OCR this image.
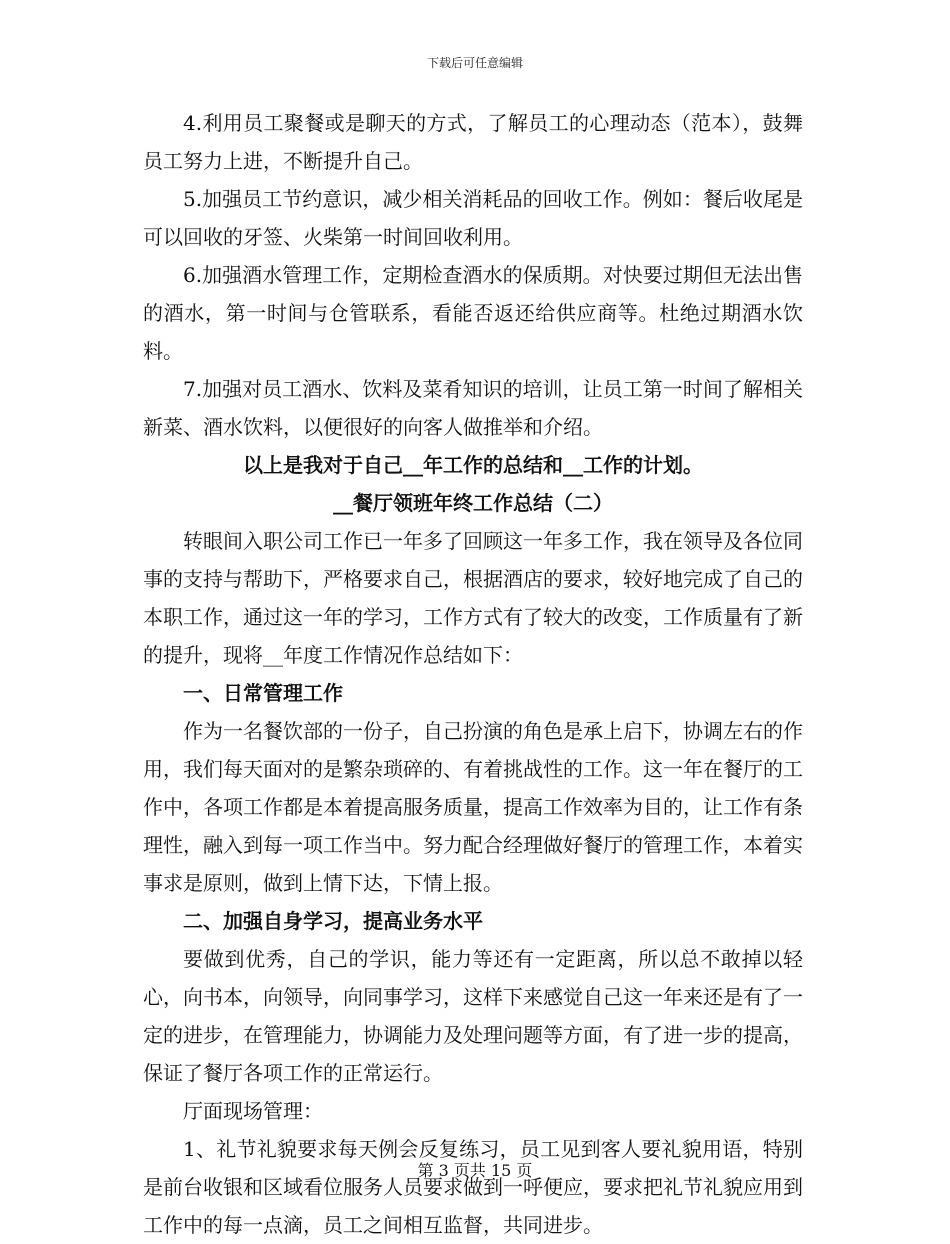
下载后可任意编辑

4.利用员工聚餐或是聊天的方式，了解员工的心理动态（范本），鼓舞员工努力上进，不断提升自己。

5.加强员工节约意识，减少相关消耗品的回收工作。例如：餐后收尾是可以回收的牙签、火柴第一时间回收利用。

6.加强酒水管理工作，定期检查酒水的保质期。对快要过期但无法出售的酒水，第一时间与仓管联系，看能否返还给供应商等。杜绝过期酒水饮料。

7.加强对员工酒水、饮料及菜肴知识的培训，让员工第一时间了解相关新菜、酒水饮料，以便很好的向客人做推举和介绍。

以上是我对于自己__年工作的总结和__工作的计划。

__餐厅领班年终工作总结（二）

转眼间入职公司工作已一年多了回顾这一年多工作，我在领导及各位同事的支持与帮助下，严格要求自己，根据酒店的要求，较好地完成了自己的本职工作，通过这一年的学习，工作方式有了较大的改变，工作质量有了新的提升，现将__年度工作情况作总结如下：

一、日常管理工作

作为一名餐饮部的一份子，自己扮演的角色是承上启下，协调左右的作用，我们每天面对的是繁杂琐碎的、有着挑战性的工作。这一年在餐厅的工作中，各项工作都是本着提高服务质量，提高工作效率为目的，让工作有条理性，融入到每一项工作当中。努力配合经理做好餐厅的管理工作，本着实事求是原则，做到上情下达，下情上报。

二、加强自身学习，提高业务水平

要做到优秀，自己的学识，能力等还有一定距离，所以总不敢掉以轻心，向书本，向领导，向同事学习，这样下来感觉自己这一年来还是有了一定的进步，在管理能力，协调能力及处理问题等方面，有了进一步的提高，保证了餐厅各项工作的正常运行。

厅面现场管理：

1、礼节礼貌要求每天例会反复练习，员工见到客人要礼貌用语，特别是前台收银和区域看位服务人员要求做到一呼便应，要求把礼节礼貌应用到工作中的每一点滴，员工之间相互监督，共同进步。

第 3 页共 15 页
